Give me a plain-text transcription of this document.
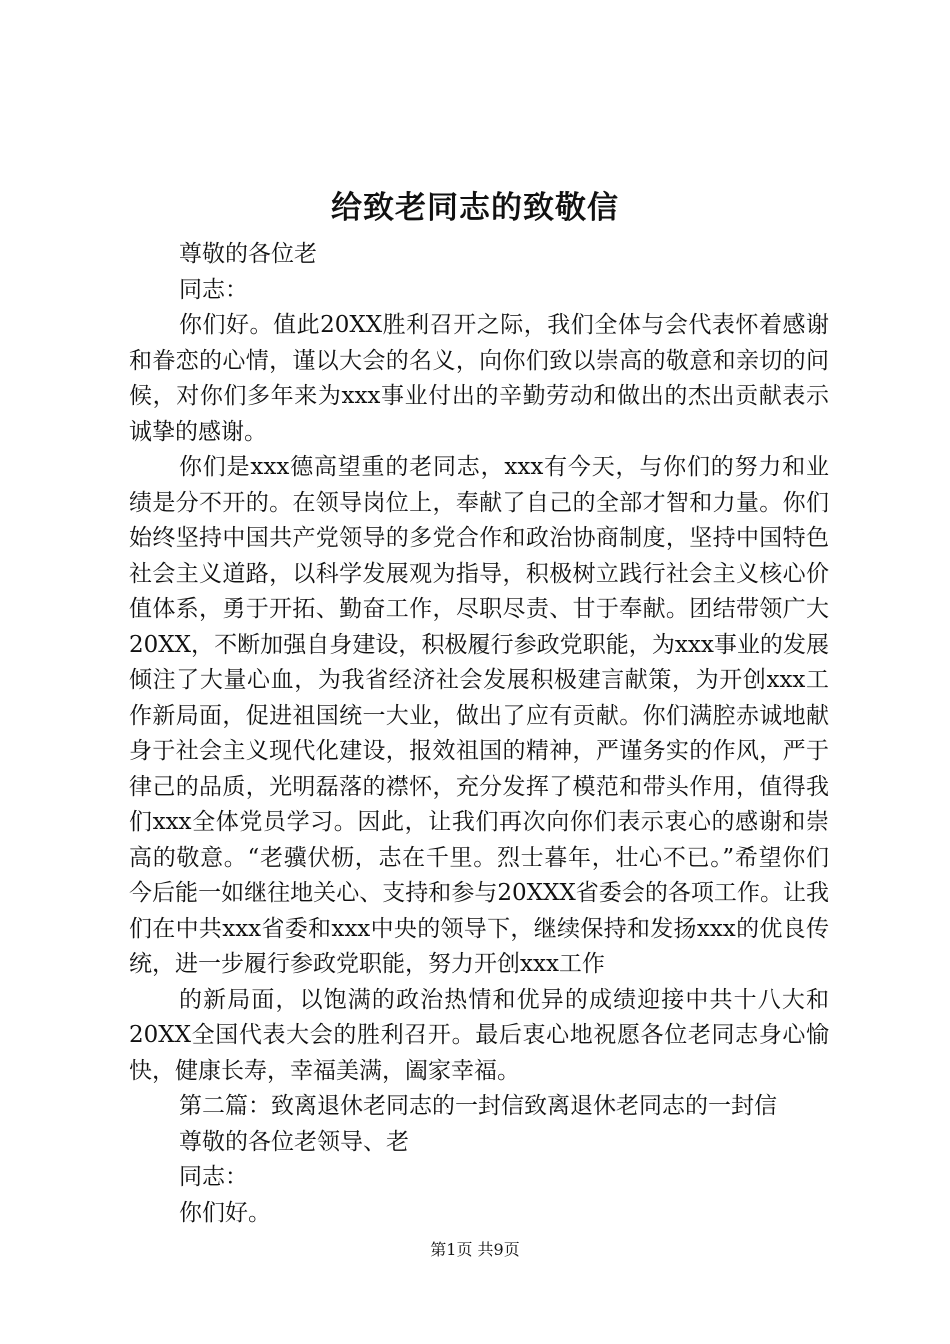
给致老同志的致敬信

尊敬的各位老

同志：

你们好。值此20XX胜利召开之际，我们全体与会代表怀着感谢和眷恋的心情，谨以大会的名义，向你们致以崇高的敬意和亲切的问候，对你们多年来为xxx事业付出的辛勤劳动和做出的杰出贡献表示诚挚的感谢。

你们是xxx德高望重的老同志，xxx有今天，与你们的努力和业绩是分不开的。在领导岗位上，奉献了自己的全部才智和力量。你们始终坚持中国共产党领导的多党合作和政治协商制度，坚持中国特色社会主义道路，以科学发展观为指导，积极树立践行社会主义核心价值体系，勇于开拓、勤奋工作，尽职尽责、甘于奉献。团结带领广大20XX，不断加强自身建设，积极履行参政党职能，为xxx事业的发展倾注了大量心血，为我省经济社会发展积极建言献策，为开创xxx工作新局面，促进祖国统一大业，做出了应有贡献。你们满腔赤诚地献身于社会主义现代化建设，报效祖国的精神，严谨务实的作风，严于律己的品质，光明磊落的襟怀，充分发挥了模范和带头作用，值得我们xxx全体党员学习。因此，让我们再次向你们表示衷心的感谢和崇高的敬意。“老骥伏枥，志在千里。烈士暮年，壮心不已。”希望你们今后能一如继往地关心、支持和参与20XXX省委会的各项工作。让我们在中共xxx省委和xxx中央的领导下，继续保持和发扬xxx的优良传统，进一步履行参政党职能，努力开创xxx工作

的新局面，以饱满的政治热情和优异的成绩迎接中共十八大和20XX全国代表大会的胜利召开。最后衷心地祝愿各位老同志身心愉快，健康长寿，幸福美满，阖家幸福。

第二篇：致离退休老同志的一封信致离退休老同志的一封信

尊敬的各位老领导、老

同志：

你们好。

第1页 共9页
